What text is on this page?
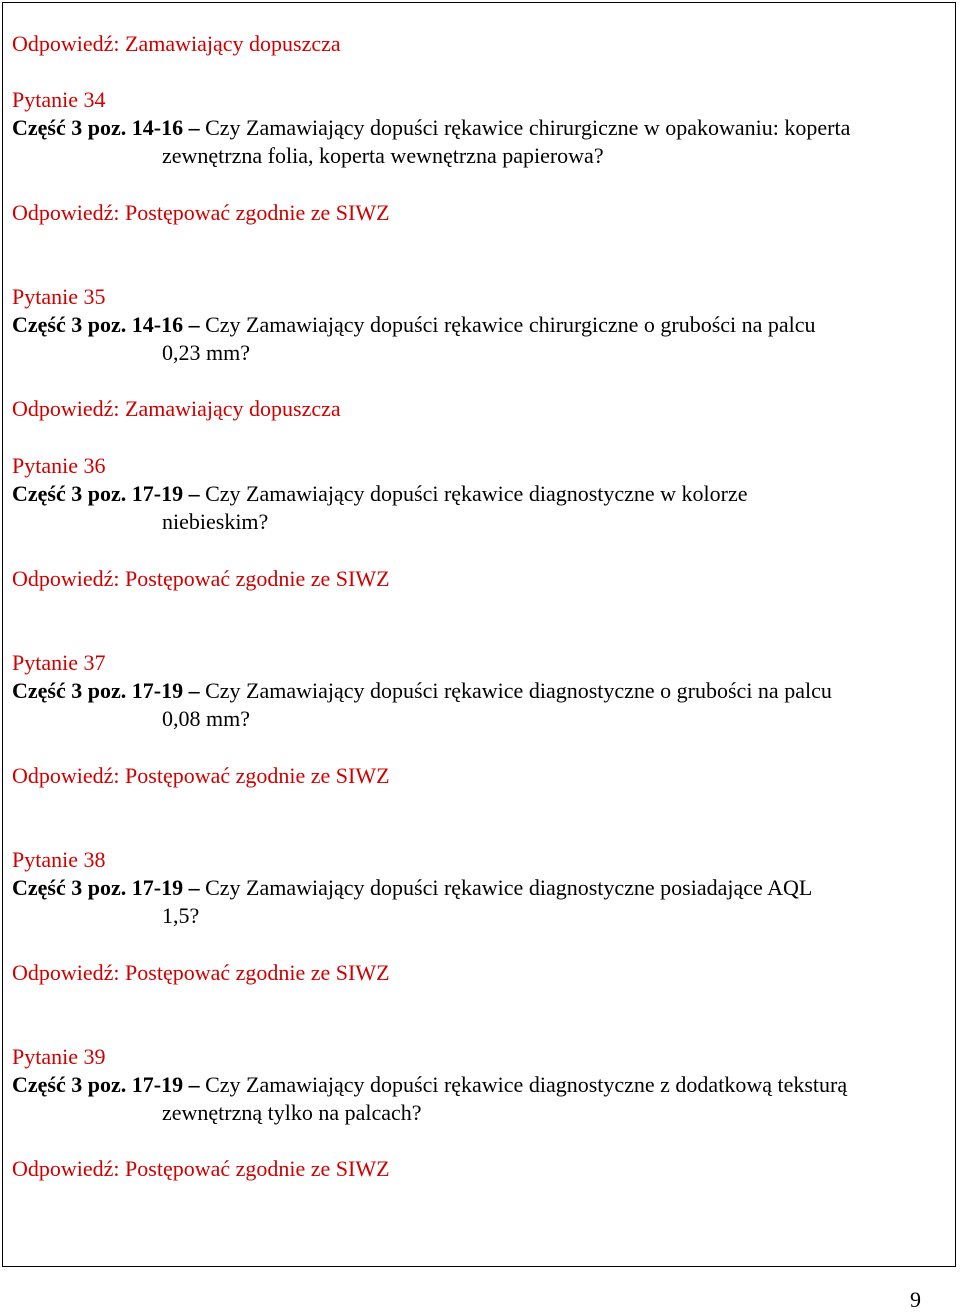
Odpowiedź: Zamawiający dopuszcza

Pytanie 34

Część 3 poz. 14-16 – Czy Zamawiający dopuści rękawice chirurgiczne w opakowaniu: koperta

zewnętrzna folia, koperta wewnętrzna papierowa?

Odpowiedź: Postępować zgodnie ze SIWZ

Pytanie 35

Część 3 poz. 14-16 – Czy Zamawiający dopuści rękawice chirurgiczne o grubości na palcu

0,23 mm?

Odpowiedź: Zamawiający dopuszcza

Pytanie 36

Część 3 poz. 17-19 – Czy Zamawiający dopuści rękawice diagnostyczne w kolorze

niebieskim?

Odpowiedź: Postępować zgodnie ze SIWZ

Pytanie 37

Część 3 poz. 17-19 – Czy Zamawiający dopuści rękawice diagnostyczne o grubości na palcu

0,08 mm?

Odpowiedź: Postępować zgodnie ze SIWZ

Pytanie 38

Część 3 poz. 17-19 – Czy Zamawiający dopuści rękawice diagnostyczne posiadające AQL

1,5?

Odpowiedź: Postępować zgodnie ze SIWZ

Pytanie 39

Część 3 poz. 17-19 – Czy Zamawiający dopuści rękawice diagnostyczne z dodatkową teksturą

zewnętrzną tylko na palcach?

Odpowiedź: Postępować zgodnie ze SIWZ

9
